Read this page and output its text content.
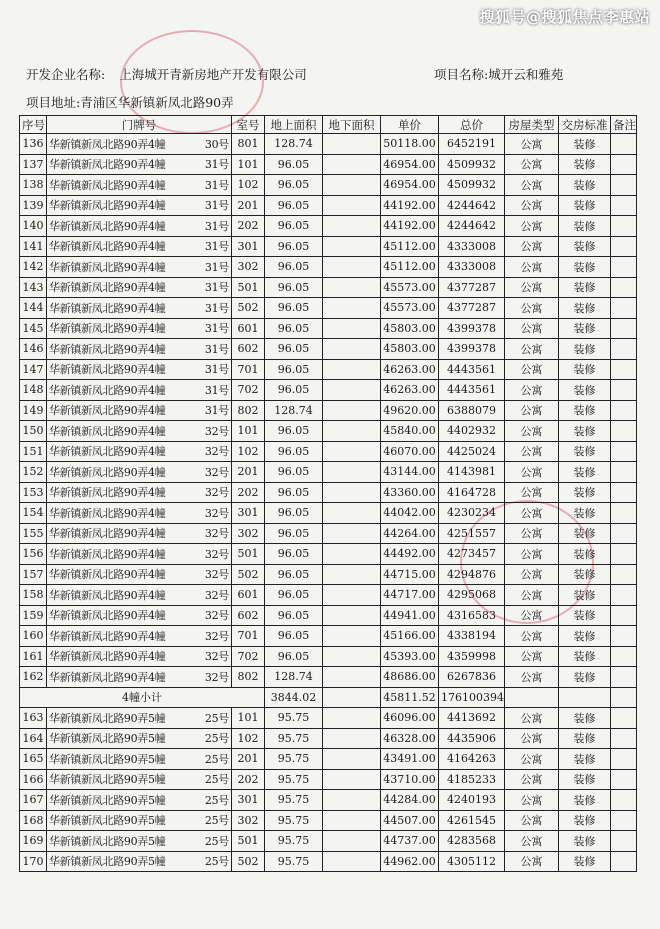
搜狐号@搜狐焦点李惠站
开发企业名称: 上海城开青新房地产开发有限公司	项目名称:城开云和雅苑
项目地址:青浦区华新镇新凤北路90弄
序号	门牌号	室号	地上面积	地下面积	单价	总价	房屋类型	交房标准	备注
136	华新镇新凤北路90弄4幢 30号	801	128.74		50118.00	6452191	公寓	装修	
137	华新镇新凤北路90弄4幢 31号	101	96.05		46954.00	4509932	公寓	装修	
138	华新镇新凤北路90弄4幢 31号	102	96.05		46954.00	4509932	公寓	装修	
139	华新镇新凤北路90弄4幢 31号	201	96.05		44192.00	4244642	公寓	装修	
140	华新镇新凤北路90弄4幢 31号	202	96.05		44192.00	4244642	公寓	装修	
141	华新镇新凤北路90弄4幢 31号	301	96.05		45112.00	4333008	公寓	装修	
142	华新镇新凤北路90弄4幢 31号	302	96.05		45112.00	4333008	公寓	装修	
143	华新镇新凤北路90弄4幢 31号	501	96.05		45573.00	4377287	公寓	装修	
144	华新镇新凤北路90弄4幢 31号	502	96.05		45573.00	4377287	公寓	装修	
145	华新镇新凤北路90弄4幢 31号	601	96.05		45803.00	4399378	公寓	装修	
146	华新镇新凤北路90弄4幢 31号	602	96.05		45803.00	4399378	公寓	装修	
147	华新镇新凤北路90弄4幢 31号	701	96.05		46263.00	4443561	公寓	装修	
148	华新镇新凤北路90弄4幢 31号	702	96.05		46263.00	4443561	公寓	装修	
149	华新镇新凤北路90弄4幢 31号	802	128.74		49620.00	6388079	公寓	装修	
150	华新镇新凤北路90弄4幢 32号	101	96.05		45840.00	4402932	公寓	装修	
151	华新镇新凤北路90弄4幢 32号	102	96.05		46070.00	4425024	公寓	装修	
152	华新镇新凤北路90弄4幢 32号	201	96.05		43144.00	4143981	公寓	装修	
153	华新镇新凤北路90弄4幢 32号	202	96.05		43360.00	4164728	公寓	装修	
154	华新镇新凤北路90弄4幢 32号	301	96.05		44042.00	4230234	公寓	装修	
155	华新镇新凤北路90弄4幢 32号	302	96.05		44264.00	4251557	公寓	装修	
156	华新镇新凤北路90弄4幢 32号	501	96.05		44492.00	4273457	公寓	装修	
157	华新镇新凤北路90弄4幢 32号	502	96.05		44715.00	4294876	公寓	装修	
158	华新镇新凤北路90弄4幢 32号	601	96.05		44717.00	4295068	公寓	装修	
159	华新镇新凤北路90弄4幢 32号	602	96.05		44941.00	4316583	公寓	装修	
160	华新镇新凤北路90弄4幢 32号	701	96.05		45166.00	4338194	公寓	装修	
161	华新镇新凤北路90弄4幢 32号	702	96.05		45393.00	4359998	公寓	装修	
162	华新镇新凤北路90弄4幢 32号	802	128.74		48686.00	6267836	公寓	装修	
4幢小计			3844.02		45811.52	176100394			
163	华新镇新凤北路90弄5幢 25号	101	95.75		46096.00	4413692	公寓	装修	
164	华新镇新凤北路90弄5幢 25号	102	95.75		46328.00	4435906	公寓	装修	
165	华新镇新凤北路90弄5幢 25号	201	95.75		43491.00	4164263	公寓	装修	
166	华新镇新凤北路90弄5幢 25号	202	95.75		43710.00	4185233	公寓	装修	
167	华新镇新凤北路90弄5幢 25号	301	95.75		44284.00	4240193	公寓	装修	
168	华新镇新凤北路90弄5幢 25号	302	95.75		44507.00	4261545	公寓	装修	
169	华新镇新凤北路90弄5幢 25号	501	95.75		44737.00	4283568	公寓	装修	
170	华新镇新凤北路90弄5幢 25号	502	95.75		44962.00	4305112	公寓	装修	
